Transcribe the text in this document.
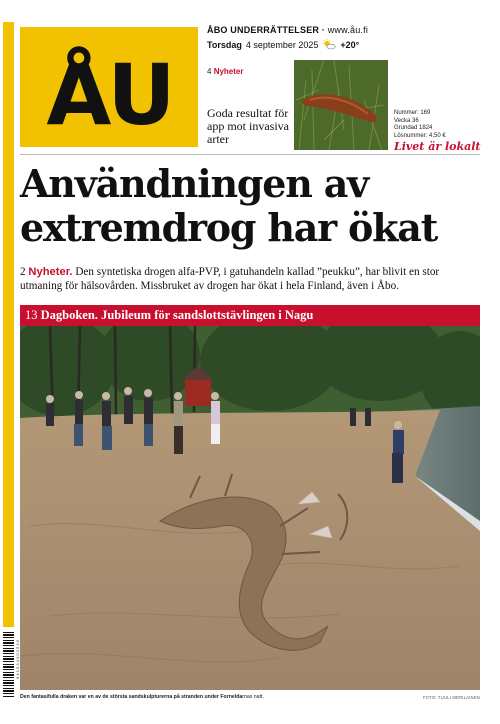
6 4 1 5 3 4 0 0 2 5 3 6
ÅU
ÅBO UNDERRÄTTELSER · www.åu.fi
Torsdag 4 september 2025 +20°
4 Nyheter
Goda resultat för app mot invasiva arter
Nummer: 169
Vecka 36
Grundad 1824
Lösnummer: 4,50 €
Livet är lokalt
Användningen av extremdrog har ökat
2 Nyheter. Den syntetiska drogen alfa-PVP, i gatuhandeln kallad ”peukku”, har blivit en stor utmaning för hälsovården. Missbruket av drogen har ökat i hela Finland, även i Åbo.
13 Dagboken. Jubileum för sandslottstävlingen i Nagu
Den fantasifulla draken var en av de största sandskulpturerna på stranden under Forneldarnas natt.	FOTO: TUULI MERILAINEN
